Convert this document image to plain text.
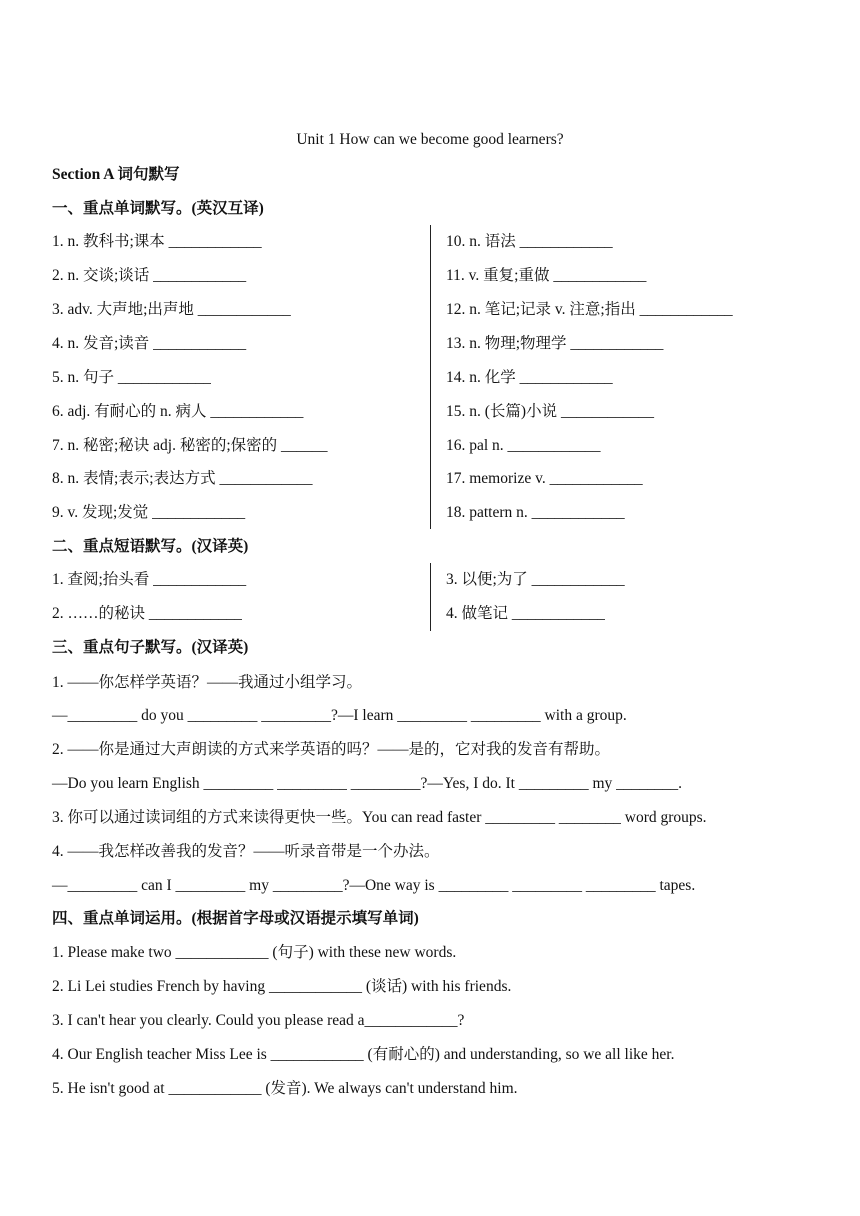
Unit 1 How can we become good learners?
Section A 词句默写
一、重点单词默写。(英汉互译)
1. n. 教科书;课本 ____________
2. n. 交谈;谈话 ____________
3. adv. 大声地;出声地 ____________
4. n. 发音;读音 ____________
5. n. 句子 ____________
6. adj. 有耐心的 n. 病人 ____________
7. n. 秘密;秘诀 adj. 秘密的;保密的 ______
8. n. 表情;表示;表达方式 ____________
9. v. 发现;发觉 ____________
10. n. 语法 ____________
11. v. 重复;重做 ____________
12. n. 笔记;记录 v. 注意;指出 ____________
13. n. 物理;物理学 ____________
14. n. 化学 ____________
15. n. (长篇)小说 ____________
16. pal n. ____________
17. memorize v. ____________
18. pattern n. ____________
二、重点短语默写。(汉译英)
1. 查阅;抬头看 ____________
2. ……的秘诀 ____________
3. 以便;为了 ____________
4. 做笔记 ____________
三、重点句子默写。(汉译英)
1. ——你怎样学英语？——我通过小组学习。
—_________ do you _________ _________?—I learn _________ _________ with a group.
2. ——你是通过大声朗读的方式来学英语的吗？——是的，它对我的发音有帮助。
—Do you learn English _________ _________ _________?—Yes, I do. It _________ my ________.
3. 你可以通过读词组的方式来读得更快一些。You can read faster _________ ________ word groups.
4. ——我怎样改善我的发音？——听录音带是一个办法。
—_________ can I _________ my _________?—One way is _________ _________ _________ tapes.
四、重点单词运用。(根据首字母或汉语提示填写单词)
1. Please make two ____________ (句子) with these new words.
2. Li Lei studies French by having ____________ (谈话) with his friends.
3. I can't hear you clearly. Could you please read a____________?
4. Our English teacher Miss Lee is ____________ (有耐心的) and understanding, so we all like her.
5. He isn't good at ____________ (发音). We always can't understand him.
